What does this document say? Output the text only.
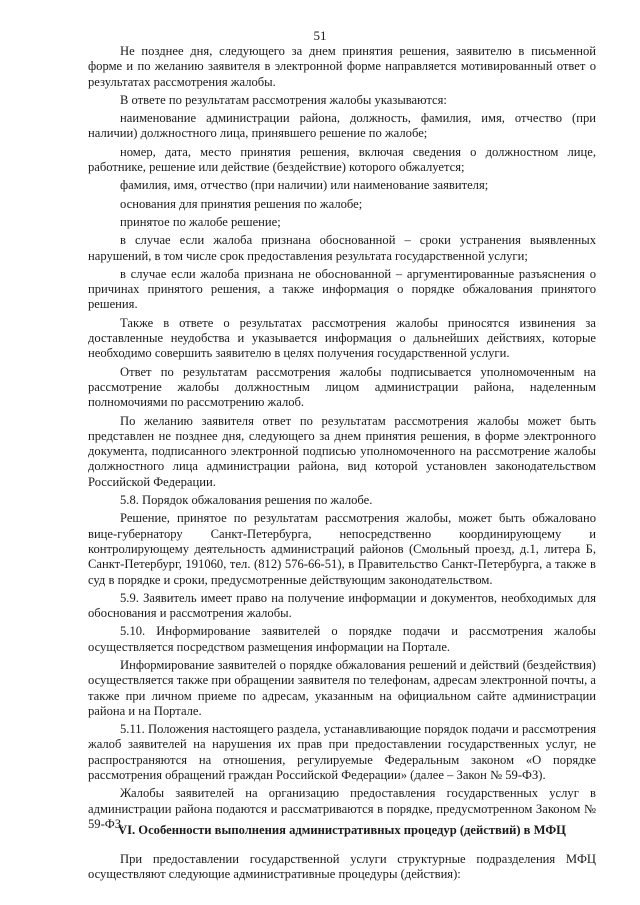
51

Не позднее дня, следующего за днем принятия решения, заявителю в письменной форме и по желанию заявителя в электронной форме направляется мотивированный ответ о результатах рассмотрения жалобы.

В ответе по результатам рассмотрения жалобы указываются:

наименование администрации района, должность, фамилия, имя, отчество (при наличии) должностного лица, принявшего решение по жалобе;

номер, дата, место принятия решения, включая сведения о должностном лице, работнике, решение или действие (бездействие) которого обжалуется;

фамилия, имя, отчество (при наличии) или наименование заявителя;

основания для принятия решения по жалобе;

принятое по жалобе решение;

в случае если жалоба признана обоснованной – сроки устранения выявленных нарушений, в том числе срок предоставления результата государственной услуги;

в случае если жалоба признана не обоснованной – аргументированные разъяснения о причинах принятого решения, а также информация о порядке обжалования принятого решения.

Также в ответе о результатах рассмотрения жалобы приносятся извинения за доставленные неудобства и указывается информация о дальнейших действиях, которые необходимо совершить заявителю в целях получения государственной услуги.

Ответ по результатам рассмотрения жалобы подписывается уполномоченным на рассмотрение жалобы должностным лицом администрации района, наделенным полномочиями по рассмотрению жалоб.

По желанию заявителя ответ по результатам рассмотрения жалобы может быть представлен не позднее дня, следующего за днем принятия решения, в форме электронного документа, подписанного электронной подписью уполномоченного на рассмотрение жалобы должностного лица администрации района, вид которой установлен законодательством Российской Федерации.

5.8. Порядок обжалования решения по жалобе.

Решение, принятое по результатам рассмотрения жалобы, может быть обжаловано вице-губернатору Санкт-Петербурга, непосредственно координирующему и контролирующему деятельность администраций районов (Смольный проезд, д.1, литера Б, Санкт-Петербург, 191060, тел. (812) 576-66-51), в Правительство Санкт-Петербурга, а также в суд в порядке и сроки, предусмотренные действующим законодательством.

5.9. Заявитель имеет право на получение информации и документов, необходимых для обоснования и рассмотрения жалобы.

5.10. Информирование заявителей о порядке подачи и рассмотрения жалобы осуществляется посредством размещения информации на Портале.

Информирование заявителей о порядке обжалования решений и действий (бездействия) осуществляется также при обращении заявителя по телефонам, адресам электронной почты, а также при личном приеме по адресам, указанным на официальном сайте администрации района и на Портале.

5.11. Положения настоящего раздела, устанавливающие порядок подачи и рассмотрения жалоб заявителей на нарушения их прав при предоставлении государственных услуг, не распространяются на отношения, регулируемые Федеральным законом «О порядке рассмотрения обращений граждан Российской Федерации» (далее – Закон № 59-ФЗ).

Жалобы заявителей на организацию предоставления государственных услуг в администрации района подаются и рассматриваются в порядке, предусмотренном Законом № 59-ФЗ.

VI. Особенности выполнения административных процедур (действий) в МФЦ

При предоставлении государственной услуги структурные подразделения МФЦ осуществляют следующие административные процедуры (действия):
